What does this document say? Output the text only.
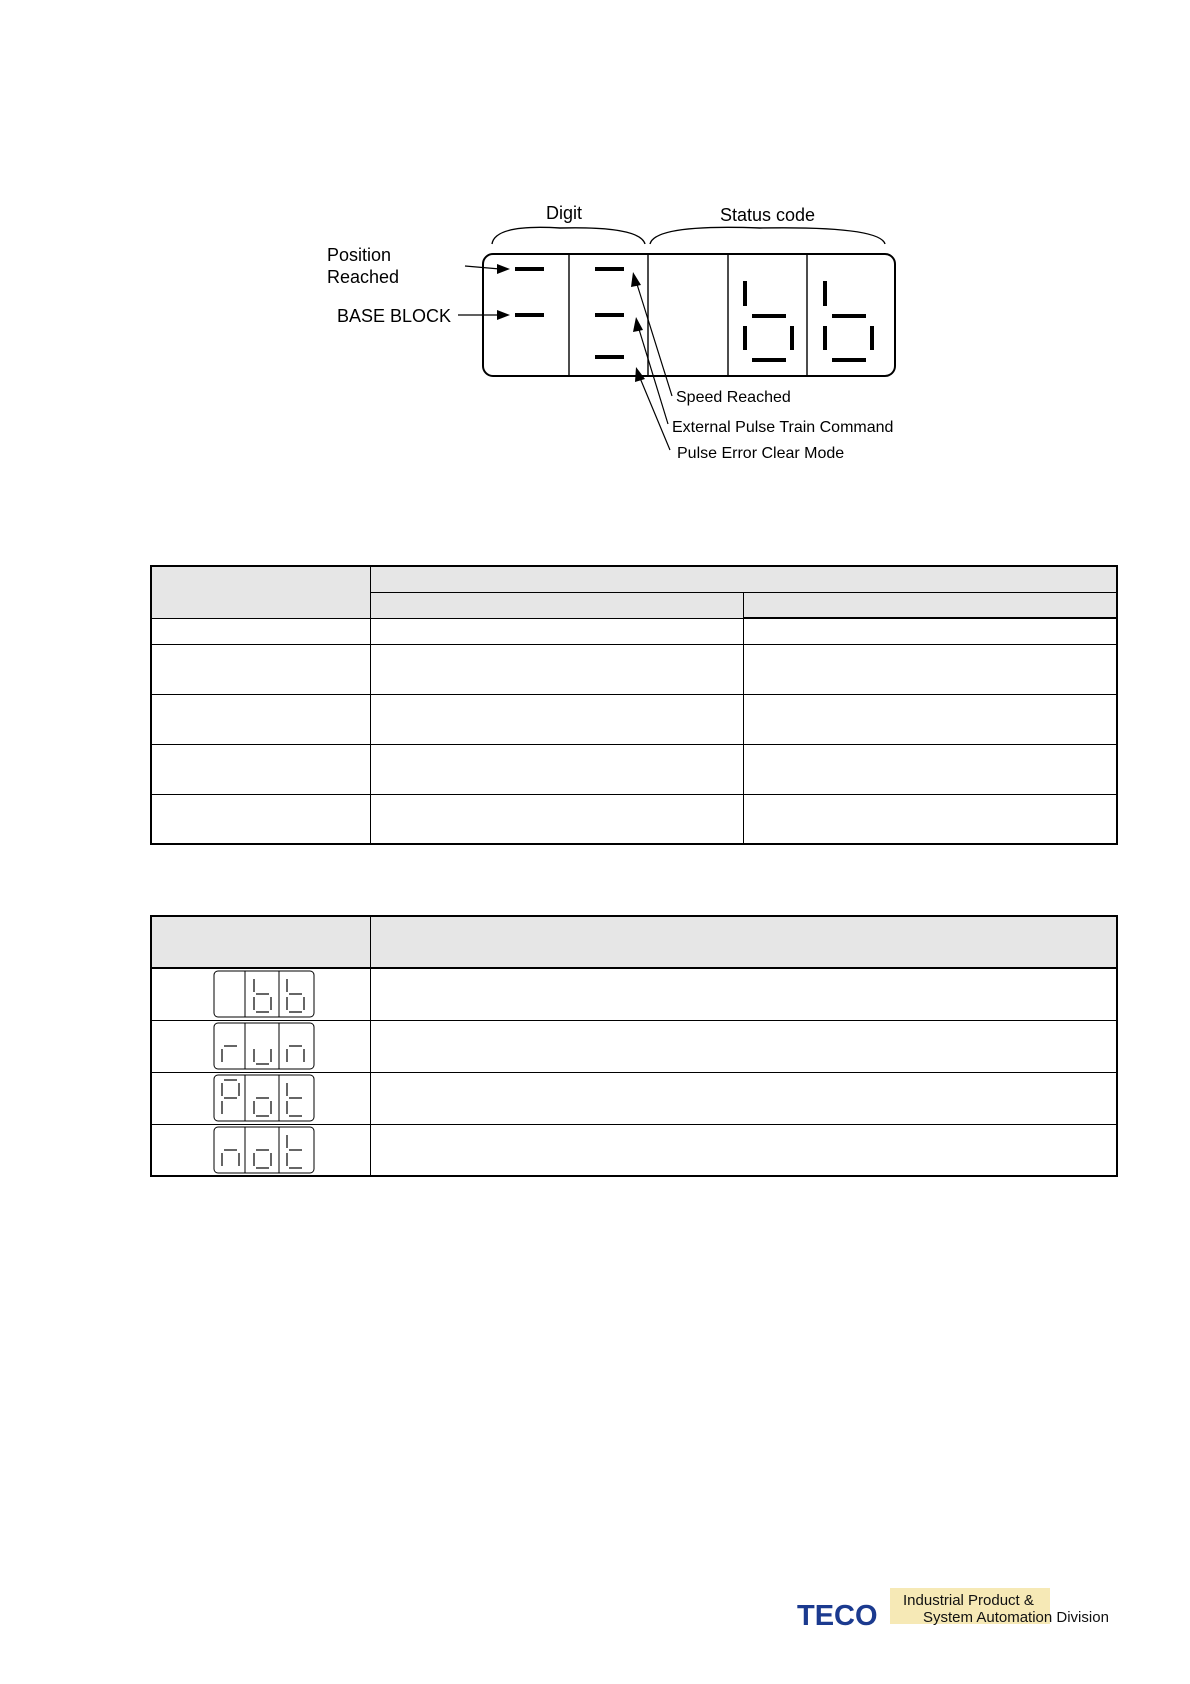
Digit	Status code
Position
Reached
BASE BLOCK
Speed Reached
External Pulse Train Command
Pulse Error Clear Mode

TECO Industrial Product &
System Automation Division
